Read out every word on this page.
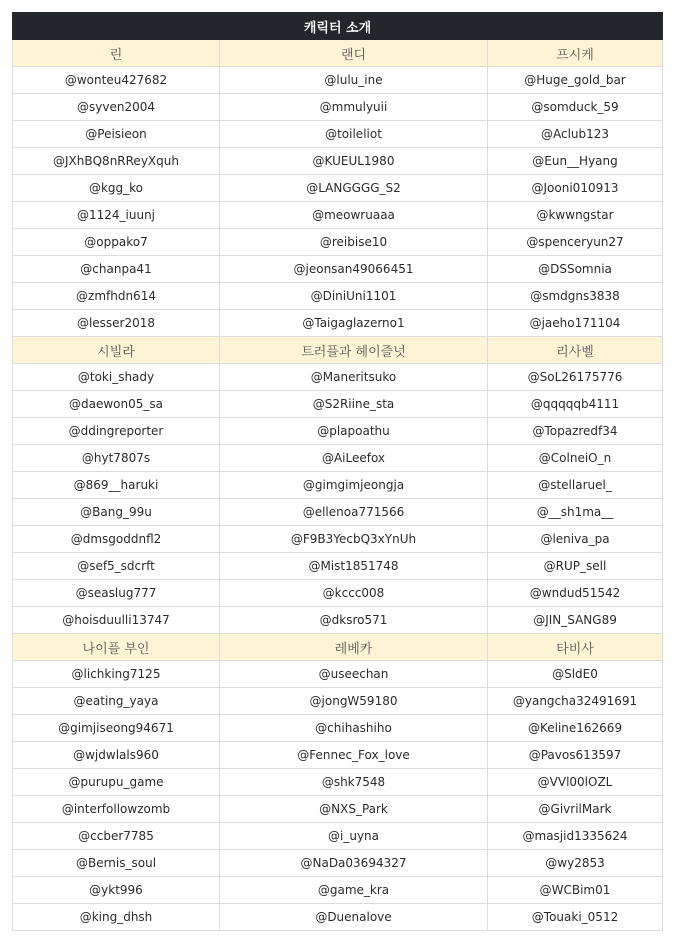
캐릭터 소개		
린	랜디	프시케
@wonteu427682	@lulu_ine	@Huge_gold_bar
@syven2004	@mmulyuii	@somduck_59
@Peisieon	@toileliot	@Aclub123
@JXhBQ8nRReyXquh	@KUEUL1980	@Eun__Hyang
@kgg_ko	@LANGGGG_S2	@Jooni010913
@1124_iuunj	@meowruaaa	@kwwngstar
@oppako7	@reibise10	@spenceryun27
@chanpa41	@jeonsan49066451	@DSSomnia
@zmfhdn614	@DiniUni1101	@smdgns3838
@lesser2018	@Taigaglazerno1	@jaeho171104
시빌라	트러플과 헤이즐넛	리사벨
@toki_shady	@Maneritsuko	@SoL26175776
@daewon05_sa	@S2Riine_sta	@qqqqqb4111
@ddingreporter	@plapoathu	@Topazredf34
@hyt7807s	@AiLeefox	@ColneiO_n
@869__haruki	@gimgimjeongja	@stellaruel_
@Bang_99u	@ellenoa771566	@__sh1ma__
@dmsgoddnfl2	@F9B3YecbQ3xYnUh	@leniva_pa
@sef5_sdcrft	@Mist1851748	@RUP_sell
@seaslug777	@kccc008	@wndud51542
@hoisduulli13747	@dksro571	@JIN_SANG89
나이플 부인	레베카	타비사
@lichking7125	@useechan	@SldE0
@eating_yaya	@jongW59180	@yangcha32491691
@gimjiseong94671	@chihashiho	@Keline162669
@wjdwlals960	@Fennec_Fox_love	@Pavos613597
@purupu_game	@shk7548	@VVl00lOZL
@interfollowzomb	@NXS_Park	@GivrilMark
@ccber7785	@i_uyna	@masjid1335624
@Bernis_soul	@NaDa03694327	@wy2853
@ykt996	@game_kra	@WCBim01
@king_dhsh	@Duenalove	@Touaki_0512
